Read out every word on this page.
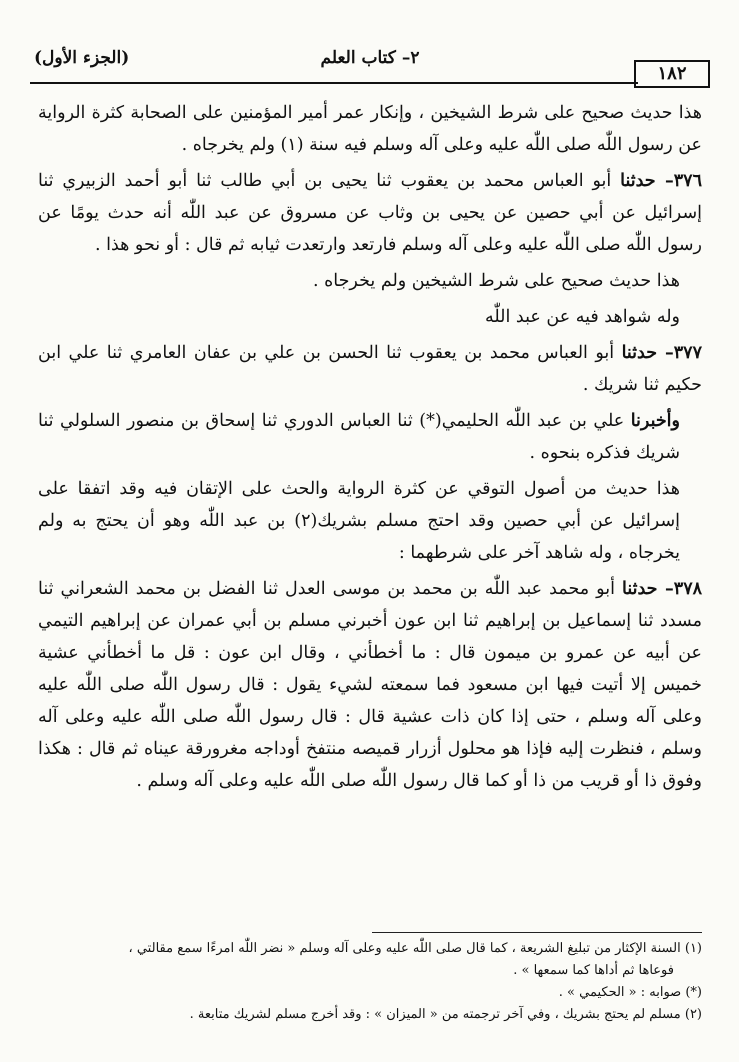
(الجزء الأول)	٢– كتاب العلم
١٨٢

هذا حديث صحيح على شرط الشيخين ، وإنكار عمر أمير المؤمنين على الصحابة كثرة الرواية عن رسول اللّٰه صلى اللّٰه عليه وعلى آله وسلم فيه سنة (١) ولم يخرجاه .

٣٧٦– حدثنا أبو العباس محمد بن يعقوب ثنا يحيى بن أبي طالب ثنا أبو أحمد الزبيري ثنا إسرائيل عن أبي حصين عن يحيى بن وثاب عن مسروق عن عبد اللّٰه أنه حدث يومًا عن رسول اللّٰه صلى اللّٰه عليه وعلى آله وسلم فارتعد وارتعدت ثيابه ثم قال : أو نحو هذا .

هذا حديث صحيح على شرط الشيخين ولم يخرجاه .

وله شواهد فيه عن عبد اللّٰه

٣٧٧– حدثنا أبو العباس محمد بن يعقوب ثنا الحسن بن علي بن عفان العامري ثنا علي ابن حكيم ثنا شريك .

وأخبرنا علي بن عبد اللّٰه الحليمي(*) ثنا العباس الدوري ثنا إسحاق بن منصور السلولي ثنا شريك فذكره بنحوه .

هذا حديث من أصول التوقي عن كثرة الرواية والحث على الإتقان فيه وقد اتفقا على إسرائيل عن أبي حصين وقد احتج مسلم بشريك(٢) بن عبد اللّٰه وهو أن يحتج به ولم يخرجاه ، وله شاهد آخر على شرطهما :

٣٧٨– حدثنا أبو محمد عبد اللّٰه بن محمد بن موسى العدل ثنا الفضل بن محمد الشعراني ثنا مسدد ثنا إسماعيل بن إبراهيم ثنا ابن عون أخبرني مسلم بن أبي عمران عن إبراهيم التيمي عن أبيه عن عمرو بن ميمون قال : ما أخطأني ، وقال ابن عون : قل ما أخطأني عشية خميس إلا أتيت فيها ابن مسعود فما سمعته لشيء يقول : قال رسول اللّٰه صلى اللّٰه عليه وعلى آله وسلم ، حتى إذا كان ذات عشية قال : قال رسول اللّٰه صلى اللّٰه عليه وعلى آله وسلم ، فنظرت إليه فإذا هو محلول أزرار قميصه منتفخ أوداجه مغرورقة عيناه ثم قال : هكذا وفوق ذا أو قريب من ذا أو كما قال رسول اللّٰه صلى اللّٰه عليه وعلى آله وسلم .

(١) السنة الإكثار من تبليغ الشريعة ، كما قال صلى اللّٰه عليه وعلى آله وسلم « نضر اللّٰه امرءًا سمع مقالتي ،

فوعاها ثم أداها كما سمعها » .

(*) صوابه : « الحكيمي » .

(٢) مسلم لم يحتج بشريك ، وفي آخر ترجمته من « الميزان » : وقد أخرج مسلم لشريك متابعة .
